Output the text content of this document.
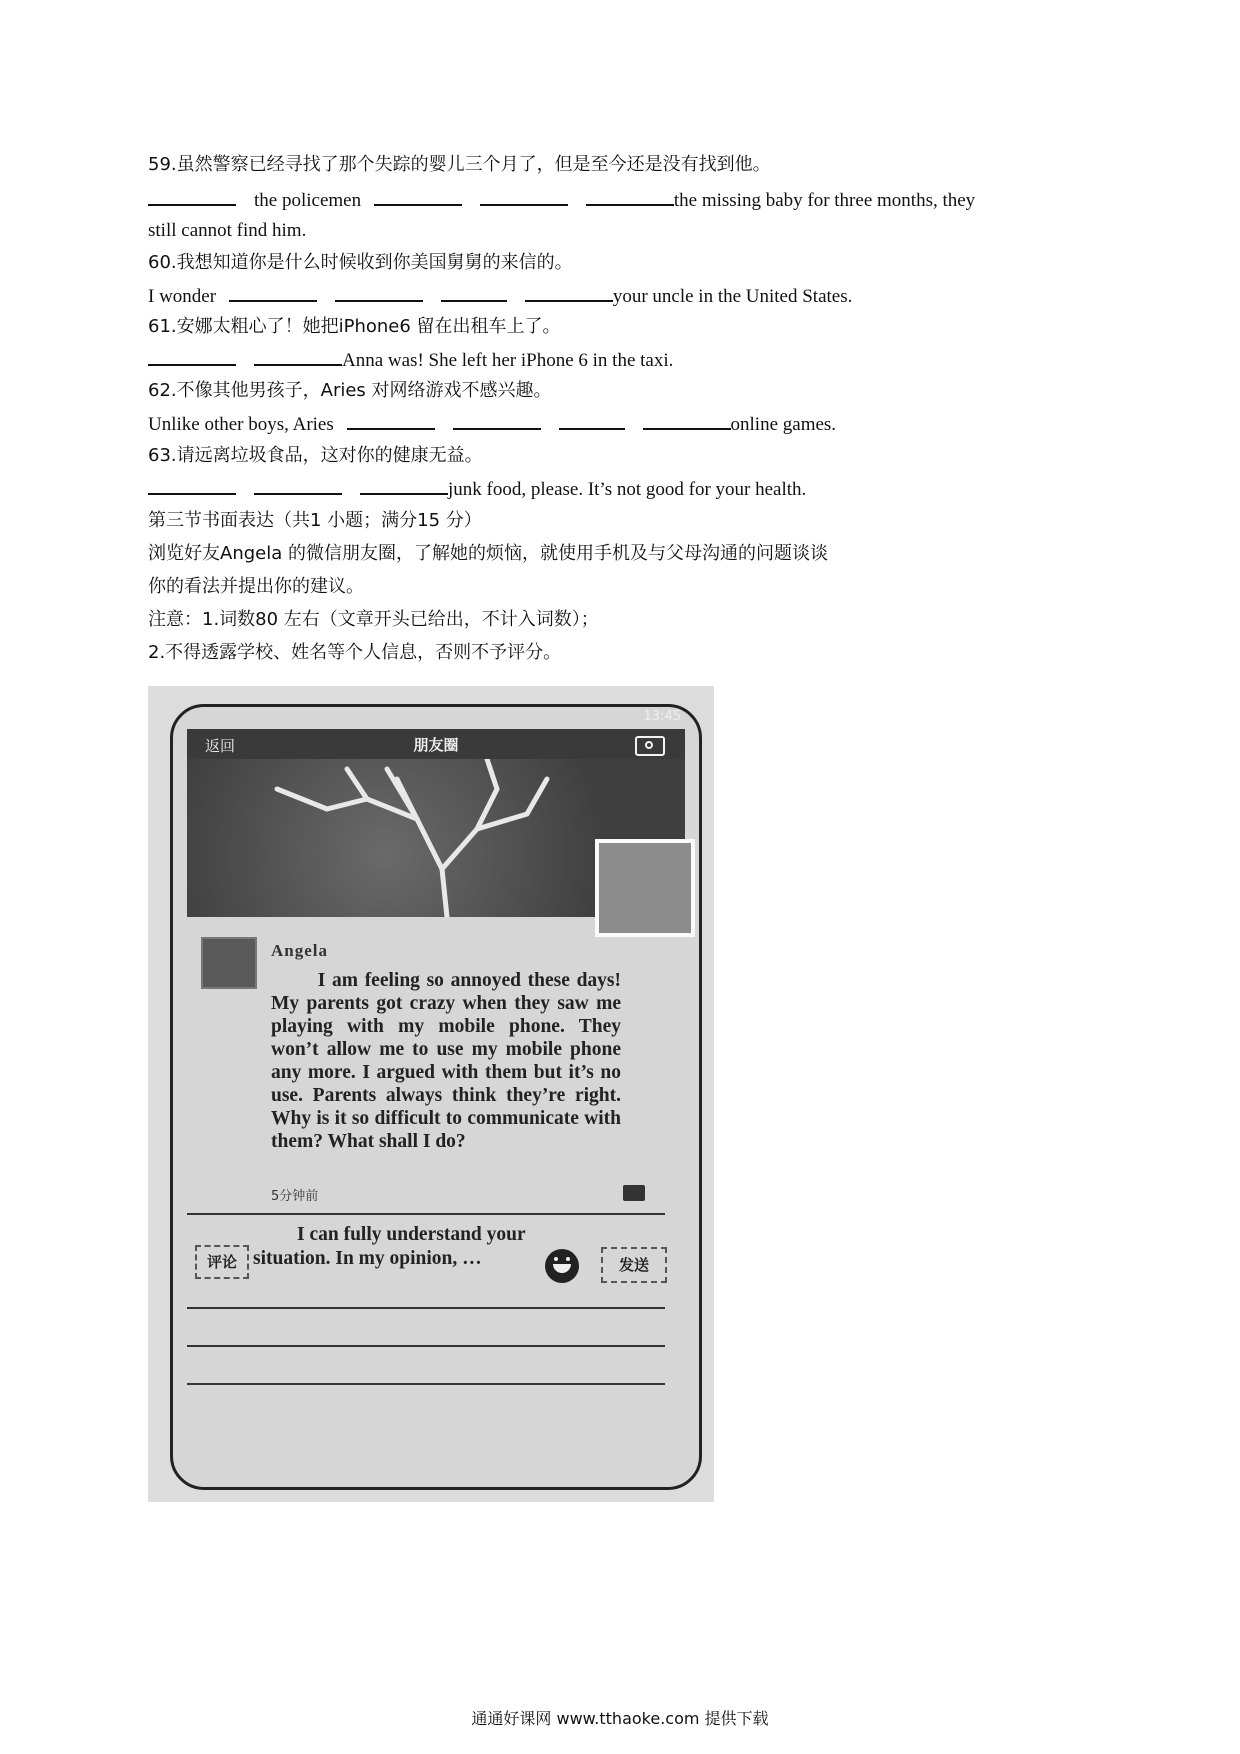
59.虽然警察已经寻找了那个失踪的婴儿三个月了，但是至今还是没有找到他。
the policemen	the missing baby for three months, they
still cannot find him.
60.我想知道你是什么时候收到你美国舅舅的来信的。
I wonder	your uncle in the United States.
61.安娜太粗心了！她把iPhone6 留在出租车上了。
Anna was! She left her iPhone 6 in the taxi.
62.不像其他男孩子，Aries 对网络游戏不感兴趣。
Unlike other boys, Aries	online games.
63.请远离垃圾食品，这对你的健康无益。
junk food, please. It’s not good for your health.
第三节书面表达（共1 小题；满分15 分）
浏览好友Angela 的微信朋友圈，了解她的烦恼，就使用手机及与父母沟通的问题谈谈
你的看法并提出你的建议。
注意：1.词数80 左右（文章开头已给出，不计入词数）；
2.不得透露学校、姓名等个人信息，否则不予评分。
13:45
返回	朋友圈
Angela
I am feeling so annoyed these days! My parents got crazy when they saw me playing with my mobile phone. They won’t allow me to use my mobile phone any more. I argued with them but it’s no use. Parents always think they’re right. Why is it so difficult to communicate with them? What shall I do?
5分钟前
评论
I can fully understand your
situation. In my opinion, …	发送
通通好课网 www.tthaoke.com 提供下载
